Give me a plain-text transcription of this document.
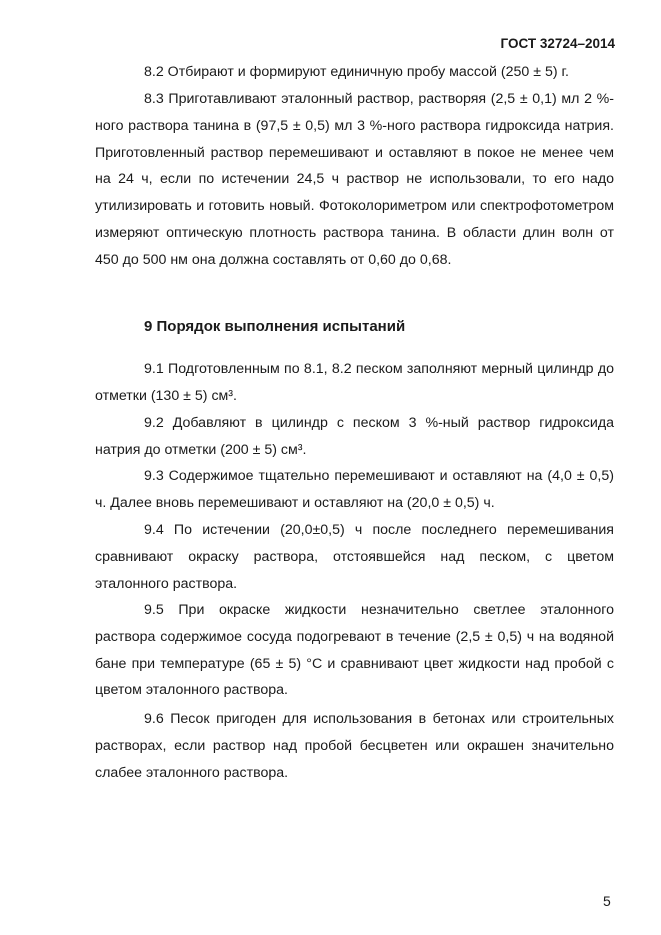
ГОСТ 32724–2014

8.2 Отбирают и формируют единичную пробу массой (250 ± 5) г.

8.3 Приготавливают эталонный раствор, растворяя (2,5 ± 0,1) мл 2 %-ного раствора танина в (97,5 ± 0,5) мл 3 %-ного раствора гидроксида натрия. Приготовленный раствор перемешивают и оставляют в покое не менее чем на 24 ч, если по истечении 24,5 ч раствор не использовали, то его надо утилизировать и готовить новый. Фотоколориметром или спектрофотометром измеряют оптическую плотность раствора танина. В области длин волн от 450 до 500 нм она должна составлять от 0,60 до 0,68.

9 Порядок выполнения испытаний

9.1 Подготовленным по 8.1, 8.2 песком заполняют мерный цилиндр до отметки (130 ± 5) см³.

9.2 Добавляют в цилиндр с песком 3 %-ный раствор гидроксида натрия до отметки (200 ± 5) см³.

9.3 Содержимое тщательно перемешивают и оставляют на (4,0 ± 0,5) ч. Далее вновь перемешивают и оставляют на (20,0 ± 0,5) ч.

9.4 По истечении (20,0±0,5) ч после последнего перемешивания сравнивают окраску раствора, отстоявшейся над песком, с цветом эталонного раствора.

9.5 При окраске жидкости незначительно светлее эталонного раствора содержимое сосуда подогревают в течение (2,5 ± 0,5) ч на водяной бане при температуре (65 ± 5) °C и сравнивают цвет жидкости над пробой с цветом эталонного раствора.

9.6 Песок пригоден для использования в бетонах или строительных растворах, если раствор над пробой бесцветен или окрашен значительно слабее эталонного раствора.

5
